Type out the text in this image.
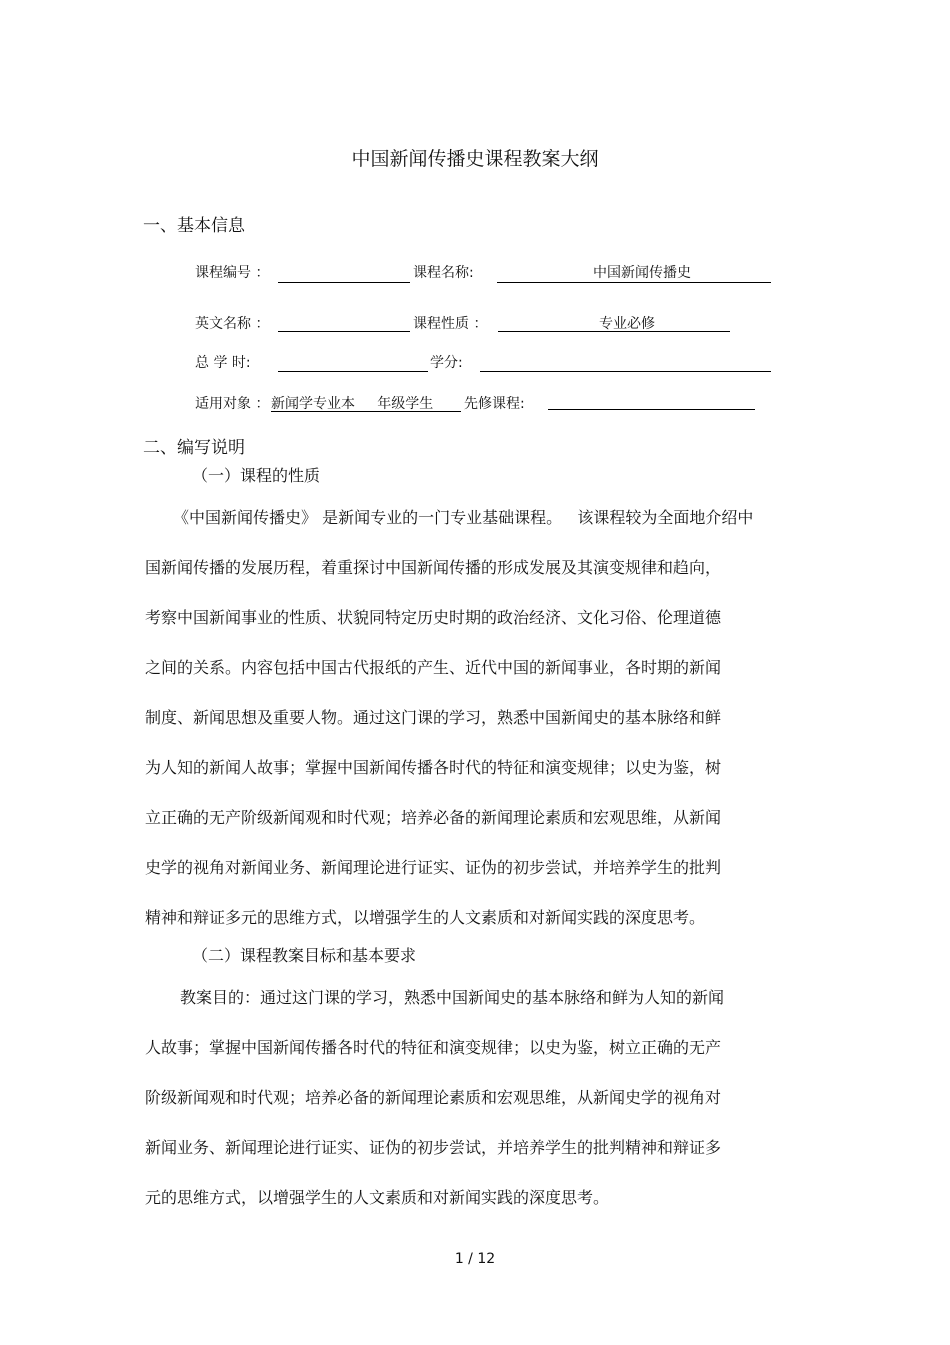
中国新闻传播史课程教案大纲
一、基本信息
课程编号 ：	课程名称:	中国新闻传播史
英文名称 ：	课程性质 ：	专业必修
总 学 时:	学分:
适用对象 ： 新闻学专业本     年级学生 先修课程:
二、编写说明
（一）课程的性质
《中国新闻传播史》 是新闻专业的一门专业基础课程。   该课程较为全面地介绍中
国新闻传播的发展历程，着重探讨中国新闻传播的形成发展及其演变规律和趋向，
考察中国新闻事业的性质、状貌同特定历史时期的政治经济、文化习俗、伦理道德
之间的关系。内容包括中国古代报纸的产生、近代中国的新闻事业，各时期的新闻
制度、新闻思想及重要人物。通过这门课的学习，熟悉中国新闻史的基本脉络和鲜
为人知的新闻人故事；掌握中国新闻传播各时代的特征和演变规律；以史为鉴，树
立正确的无产阶级新闻观和时代观；培养必备的新闻理论素质和宏观思维，从新闻
史学的视角对新闻业务、新闻理论进行证实、证伪的初步尝试，并培养学生的批判
精神和辩证多元的思维方式，以增强学生的人文素质和对新闻实践的深度思考。
（二）课程教案目标和基本要求
教案目的：通过这门课的学习，熟悉中国新闻史的基本脉络和鲜为人知的新闻
人故事；掌握中国新闻传播各时代的特征和演变规律；以史为鉴，树立正确的无产
阶级新闻观和时代观；培养必备的新闻理论素质和宏观思维，从新闻史学的视角对
新闻业务、新闻理论进行证实、证伪的初步尝试，并培养学生的批判精神和辩证多
元的思维方式，以增强学生的人文素质和对新闻实践的深度思考。
1 / 12
